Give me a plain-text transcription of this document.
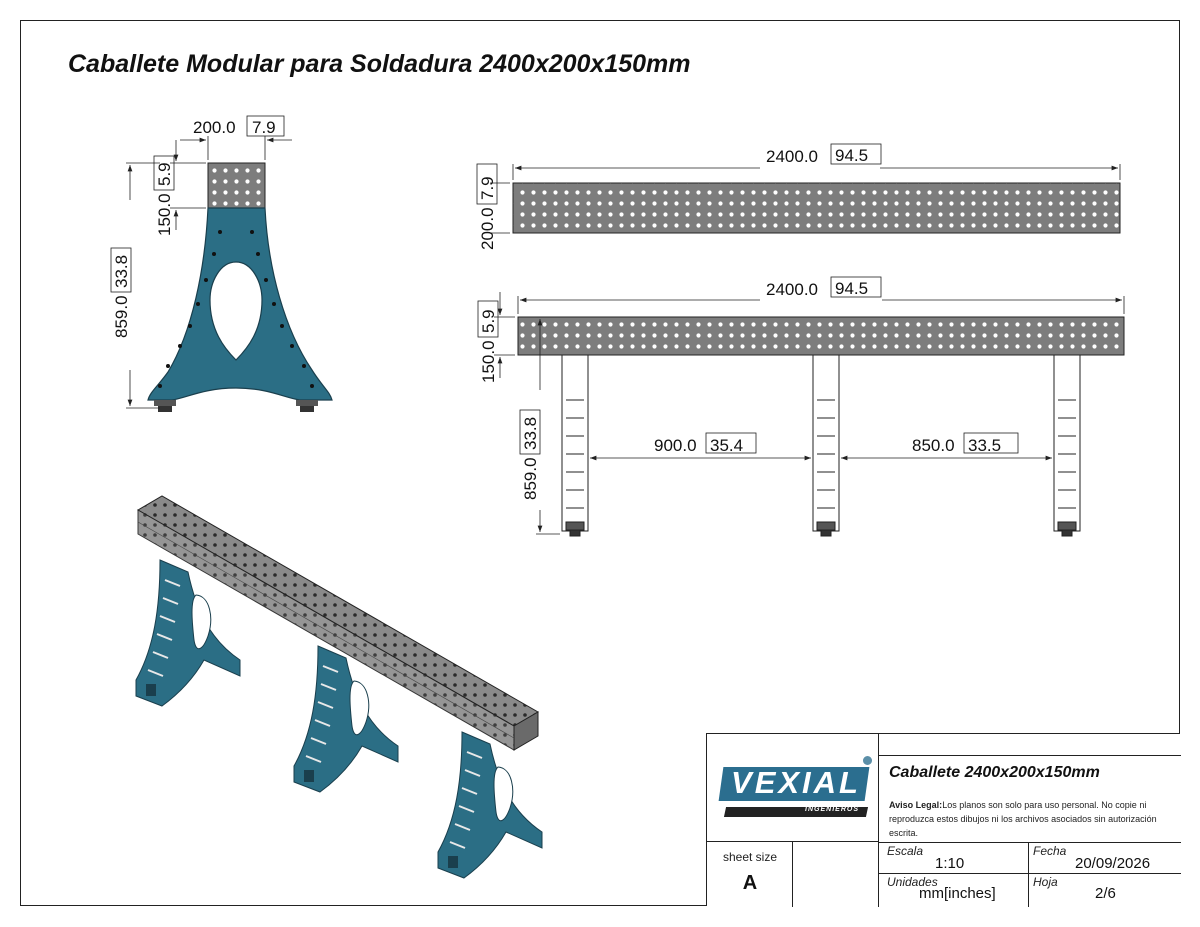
Caballete Modular para Soldadura 2400x200x150mm
200.0 7.9
150.0
5.9
859.0
33.8
2400.0 94.5
200.0
7.9
2400.0 94.5
150.0
5.9
859.0
33.8	900.0 35.4	850.0 33.5
VEXIAL
INGENIEROS
Caballete 2400x200x150mm
Aviso Legal:Los planos son solo para uso personal. No copie ni reproduzca estos dibujos ni los archivos asociados sin autorización escrita.
sheet size
A
Escala
1:10
Fecha
20/09/2026
Unidades
mm[inches]
Hoja
2/6
